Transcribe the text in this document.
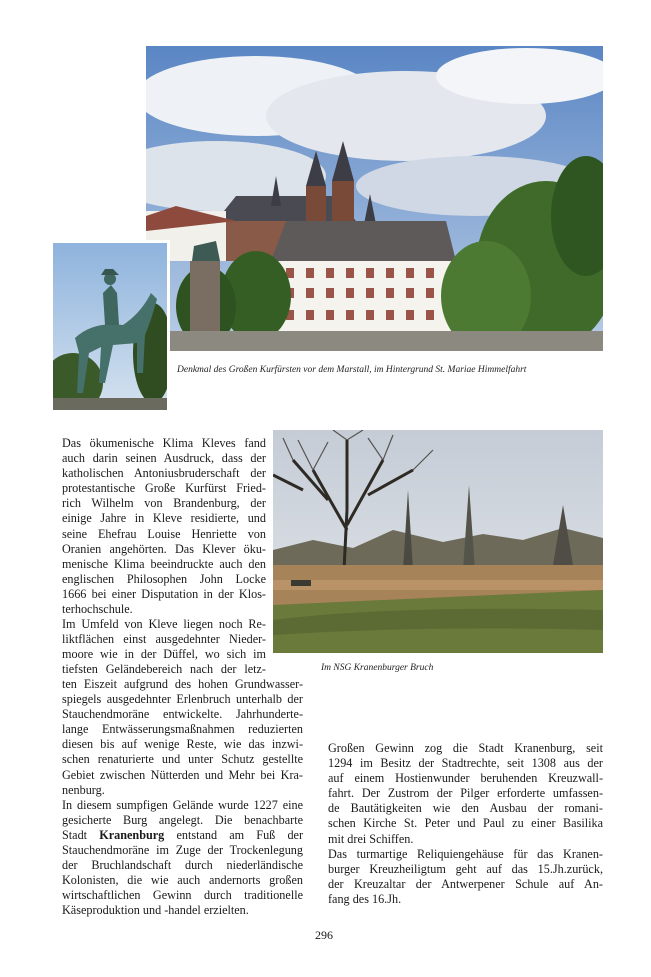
Denkmal des Großen Kurfürsten vor dem Marstall, im Hintergrund St. Mariae Himmelfahrt
Im NSG Kranenburger Bruch

Das ökumenische Klima Kleves fand
auch darin seinen Ausdruck, dass der
katholischen Antoniusbruderschaft der
protestantische Große Kurfürst Fried-
rich Wilhelm von Brandenburg, der
einige Jahre in Kleve residierte, und
seine Ehefrau Louise Henriette von
Oranien angehörten. Das Klever öku-
menische Klima beeindruckte auch den
englischen Philosophen John Locke
1666 bei einer Disputation in der Klos-
terhochschule.

Im Umfeld von Kleve liegen noch Re-
liktflächen einst ausgedehnter Nieder-
moore wie in der Düffel, wo sich im
tiefsten Geländebereich nach der letz-

ten Eiszeit aufgrund des hohen Grundwasser-
spiegels ausgedehnter Erlenbruch unterhalb der
Stauchendmoräne entwickelte. Jahrhunderte-
lange Entwässerungsmaßnahmen reduzierten
diesen bis auf wenige Reste, wie das inzwi-
schen renaturierte und unter Schutz gestellte
Gebiet zwischen Nütterden und Mehr bei Kra-
nenburg.

In diesem sumpfigen Gelände wurde 1227 eine
gesicherte Burg angelegt. Die benachbarte
Stadt Kranenburg entstand am Fuß der
Stauchendmoräne im Zuge der Trockenlegung
der Bruchlandschaft durch niederländische
Kolonisten, die wie auch andernorts großen
wirtschaftlichen Gewinn durch traditionelle
Käseproduktion und -handel erzielten.

Großen Gewinn zog die Stadt Kranenburg, seit
1294 im Besitz der Stadtrechte, seit 1308 aus der
auf einem Hostienwunder beruhenden Kreuzwall-
fahrt. Der Zustrom der Pilger erforderte umfassen-
de Bautätigkeiten wie den Ausbau der romani-
schen Kirche St. Peter und Paul zu einer Basilika
mit drei Schiffen.

Das turmartige Reliquiengehäuse für das Kranen-
burger Kreuzheiligtum geht auf das 15.Jh.zurück,
der Kreuzaltar der Antwerpener Schule auf An-
fang des 16.Jh.

296
